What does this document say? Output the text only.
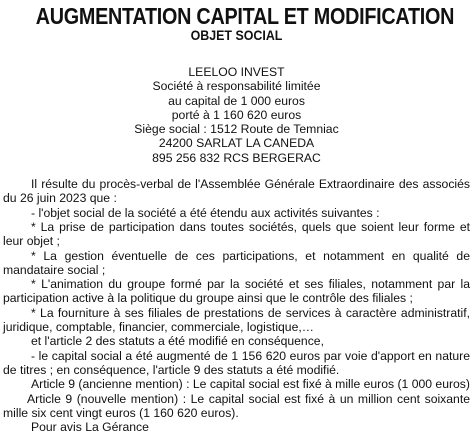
AUGMENTATION CAPITAL ET MODIFICATION
OBJET SOCIAL
LEELOO INVEST
Société à responsabilité limitée
au capital de 1 000 euros
porté à 1 160 620 euros
Siège social : 1512 Route de Temniac
24200 SARLAT LA CANEDA
895 256 832 RCS BERGERAC

Il résulte du procès-verbal de l'Assemblée Générale Extraordinaire des associés du 26 juin 2023 que :

- l'objet social de la société a été étendu aux activités suivantes :

* La prise de participation dans toutes sociétés, quels que soient leur forme et leur objet ;

* La gestion éventuelle de ces participations, et notamment en qualité de mandataire social ;

* L'animation du groupe formé par la société et ses filiales, notamment par la participation active à la politique du groupe ainsi que le contrôle des filiales ;

* La fourniture à ses filiales de prestations de services à caractère administratif, juridique, comptable, financier, commerciale, logistique,…

et l'article 2 des statuts a été modifié en conséquence,

- le capital social a été augmenté de 1 156 620 euros par voie d'apport en nature de titres ; en conséquence, l'article 9 des statuts a été modifié.

Article 9 (ancienne mention) : Le capital social est fixé à mille euros (1 000 euros)

Article 9 (nouvelle mention) : Le capital social est fixé à un million cent soixante mille six cent vingt euros (1 160 620 euros).

Pour avis La Gérance
